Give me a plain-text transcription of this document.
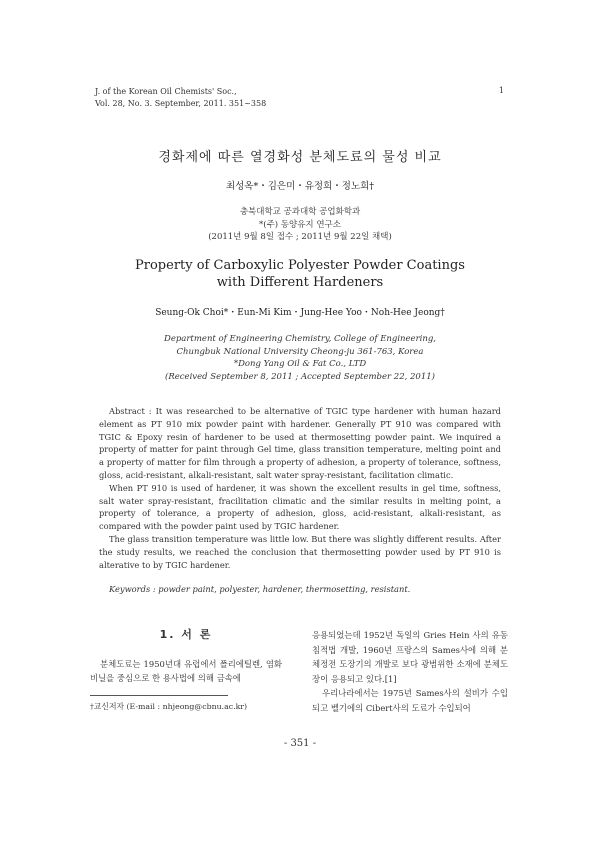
J. of the Korean Oil Chemists' Soc.,
Vol. 28, No. 3. September, 2011. 351~358
1
경화제에 따른 열경화성 분체도료의 물성 비교
최성옥*・김은미・유정희・정노희†
충북대학교 공과대학 공업화학과
*(주) 동양유지 연구소
(2011년 9월 8일 접수 ; 2011년 9월 22일 채택)
Property of Carboxylic Polyester Powder Coatings
with Different Hardeners
Seung-Ok Choi*・Eun-Mi Kim・Jung-Hee Yoo・Noh-Hee Jeong†
Department of Engineering Chemistry, College of Engineering,
Chungbuk National University Cheong-ju 361-763, Korea
*Dong Yang Oil & Fat Co., LTD
(Received September 8, 2011 ; Accepted September 22, 2011)

Abstract : It was researched to be alternative of TGIC type hardener with human hazard element as PT 910 mix powder paint with hardener. Generally PT 910 was compared with TGIC & Epoxy resin of hardener to be used at thermosetting powder paint. We inquired a property of matter for paint through Gel time, glass transition temperature, melting point and a property of matter for film through a property of adhesion, a property of tolerance, softness, gloss, acid-resistant, alkali-resistant, salt water spray-resistant, facilitation climatic.

When PT 910 is used of hardener, it was shown the excellent results in gel time, softness, salt water spray-resistant, fracilitation climatic and the similar results in melting point, a property of tolerance, a property of adhesion, gloss, acid-resistant, alkali-resistant, as compared with the powder paint used by TGIC hardener.

The glass transition temperature was little low. But there was slightly different results. After the study results, we reached the conclusion that thermosetting powder used by PT 910 is alterative to by TGIC hardener.

Keywords : powder paint, polyester, hardener, thermosetting, resistant.

1. 서 론

분체도료는 1950년대 유럽에서 폴리에틸렌, 염화비닐을 중심으로 한 용사법에 의해 금속에

응용되었는데 1952년 독일의 Gries Hein 사의 유동 침적법 개발, 1960년 프랑스의 Sames사에 의해 분체정전 도장기의 개발로 보다 광범위한 소재에 분체도장이 응용되고 있다.[1]

우리나라에서는 1975년 Sames사의 설비가 수입되고 벨기에의 Cibert사의 도료가 수입되어

†교신저자 (E-mail : nhjeong@cbnu.ac.kr)
- 351 -
